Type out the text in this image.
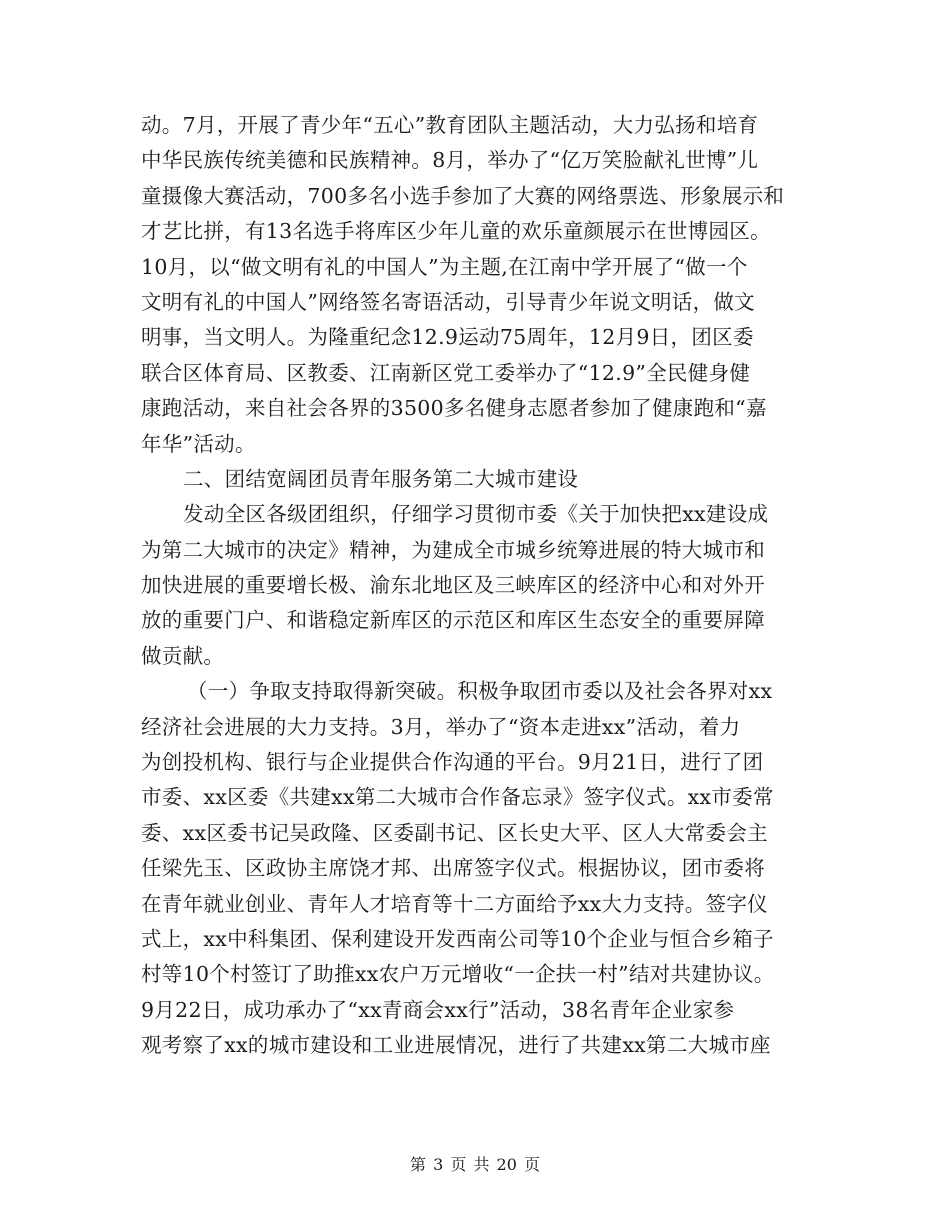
动。7月，开展了青少年“五心”教育团队主题活动，大力弘扬和培育
中华民族传统美德和民族精神。8月，举办了“亿万笑脸献礼世博”儿
童摄像大赛活动，700多名小选手参加了大赛的网络票选、形象展示和
才艺比拼，有13名选手将库区少年儿童的欢乐童颜展示在世博园区。
10月，以“做文明有礼的中国人”为主题,在江南中学开展了“做一个
文明有礼的中国人”网络签名寄语活动，引导青少年说文明话，做文
明事，当文明人。为隆重纪念12.9运动75周年，12月9日，团区委
联合区体育局、区教委、江南新区党工委举办了“12.9”全民健身健
康跑活动，来自社会各界的3500多名健身志愿者参加了健康跑和“嘉
年华”活动。
二、团结宽阔团员青年服务第二大城市建设
发动全区各级团组织，仔细学习贯彻市委《关于加快把xx建设成
为第二大城市的决定》精神，为建成全市城乡统筹进展的特大城市和
加快进展的重要增长极、渝东北地区及三峡库区的经济中心和对外开
放的重要门户、和谐稳定新库区的示范区和库区生态安全的重要屏障
做贡献。
（一）争取支持取得新突破。积极争取团市委以及社会各界对xx
经济社会进展的大力支持。3月，举办了“资本走进xx”活动，着力
为创投机构、银行与企业提供合作沟通的平台。9月21日，进行了团
市委、xx区委《共建xx第二大城市合作备忘录》签字仪式。xx市委常
委、xx区委书记吴政隆、区委副书记、区长史大平、区人大常委会主
任梁先玉、区政协主席饶才邦、出席签字仪式。根据协议，团市委将
在青年就业创业、青年人才培育等十二方面给予xx大力支持。签字仪
式上，xx中科集团、保利建设开发西南公司等10个企业与恒合乡箱子
村等10个村签订了助推xx农户万元增收“一企扶一村”结对共建协议。
9月22日，成功承办了“xx青商会xx行”活动，38名青年企业家参
观考察了xx的城市建设和工业进展情况，进行了共建xx第二大城市座
第 3 页 共 20 页
